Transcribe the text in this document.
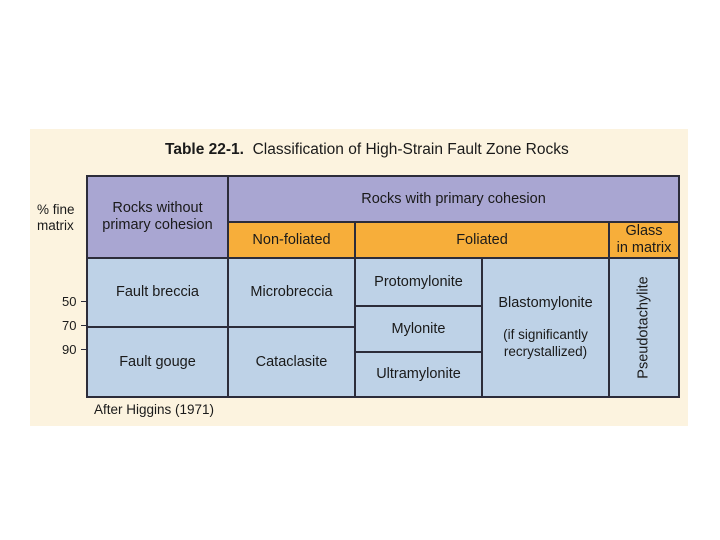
Table 22-1. Classification of High-Strain Fault Zone Rocks
% fine
matrix
Rocks without
primary cohesion
Rocks with primary cohesion
Non-foliated	Foliated
Glass
in matrix
Fault breccia
Fault gouge
Microbreccia
Cataclasite
Protomylonite
Mylonite
Ultramylonite
Blastomylonite
(if significantly
recrystallized)	Pseudotachylite
50
70
90
After Higgins (1971)
